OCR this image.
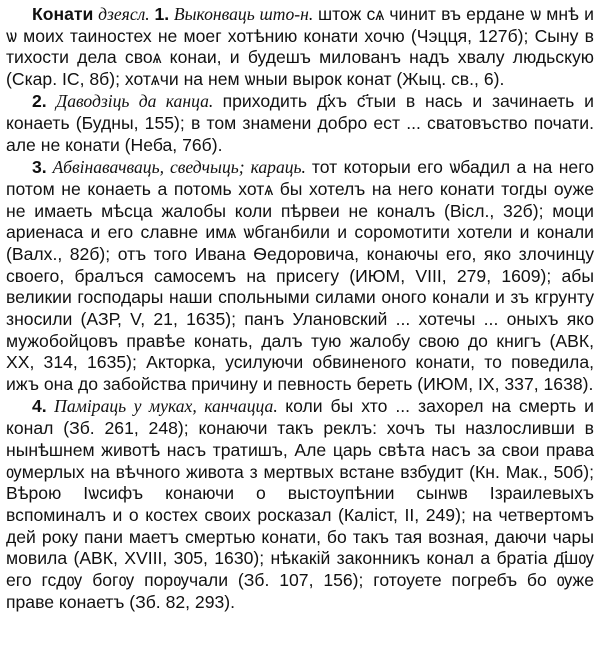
Конати дзеясл. 1. Выконваць што-н. штож сѧ чинит въ ердане ѡ мнѣ и ѡ моих таиностех не моег хотѣнию конати хочю (Чэцця, 127б); Сыну в тихости дела своѧ конаи, и будешъ милованъ надъ хвалу людьскую (Скар. ІС, 8б); хотѧчи на нем ѡныи вырок конат (Жыц. св., 6).

2. Даводзіць да канца. приходить д҃хъ с҃тыи в нась и зачинаеть и конаеть (Будны, 155); в том знамени добро ест ... сватовъство почати. але не конати (Неба, 76б).

3. Абвінавачваць, сведчыць; караць. тот которыи его ѡбадил а на него потом не конаеть а потомь хотѧ бы хотелъ на него конати тогды оуже не имаеть мѣсца жалобы коли пѣрвеи не коналъ (Вісл., 32б); моци ариенаса и его славне имѧ ѡбганбили и соромотити хотели и конали (Валх., 82б); отъ того Ивана Ѳедоровича, конаючы его, яко злочинцу своего, бралъся самосемъ на присегу (ИЮМ, VIII, 279, 1609); абы великии господары наши спольными силами оного конали и зъ кгрунту зносили (АЗР, V, 21, 1635); панъ Улановский ... хотечы ... оныхъ яко мужобойцовъ правѣе конать, далъ тую жалобу свою до книгъ (АВК, XX, 314, 1635); Акторка, усилуючи обвиненого конати, то поведила, ижъ она до забойства причину и певность береть (ИЮМ, IX, 337, 1638).

4. Паміраць у муках, канчацца. коли бы хто ... захорел на смерть и конал (Зб. 261, 248); конаючи такъ реклъ: хочъ ты назлосливши в нынѣшнем животѣ насъ тратишъ, Але царь свѣта насъ за свои права ѹмерлых на вѣчного живота з мертвых встане взбудит (Кн. Мак., 50б); Вѣрою Іѡсифъ конаючи о выстоупѣнии сынѡв Ізраилевыхъ вспоминалъ и о костех своих росказал (Каліст, II, 249); на четвертомъ дей року пани маетъ смертью конати, бо такъ тая возная, даючи чары мовила (АВК, XVIII, 305, 1630); нѣкакій законникъ конал а братіа д҃шѹ его гсдѹ богѹ порѹчали (Зб. 107, 156); готоуете погребъ бо ѹже праве конаетъ (Зб. 82, 293).
